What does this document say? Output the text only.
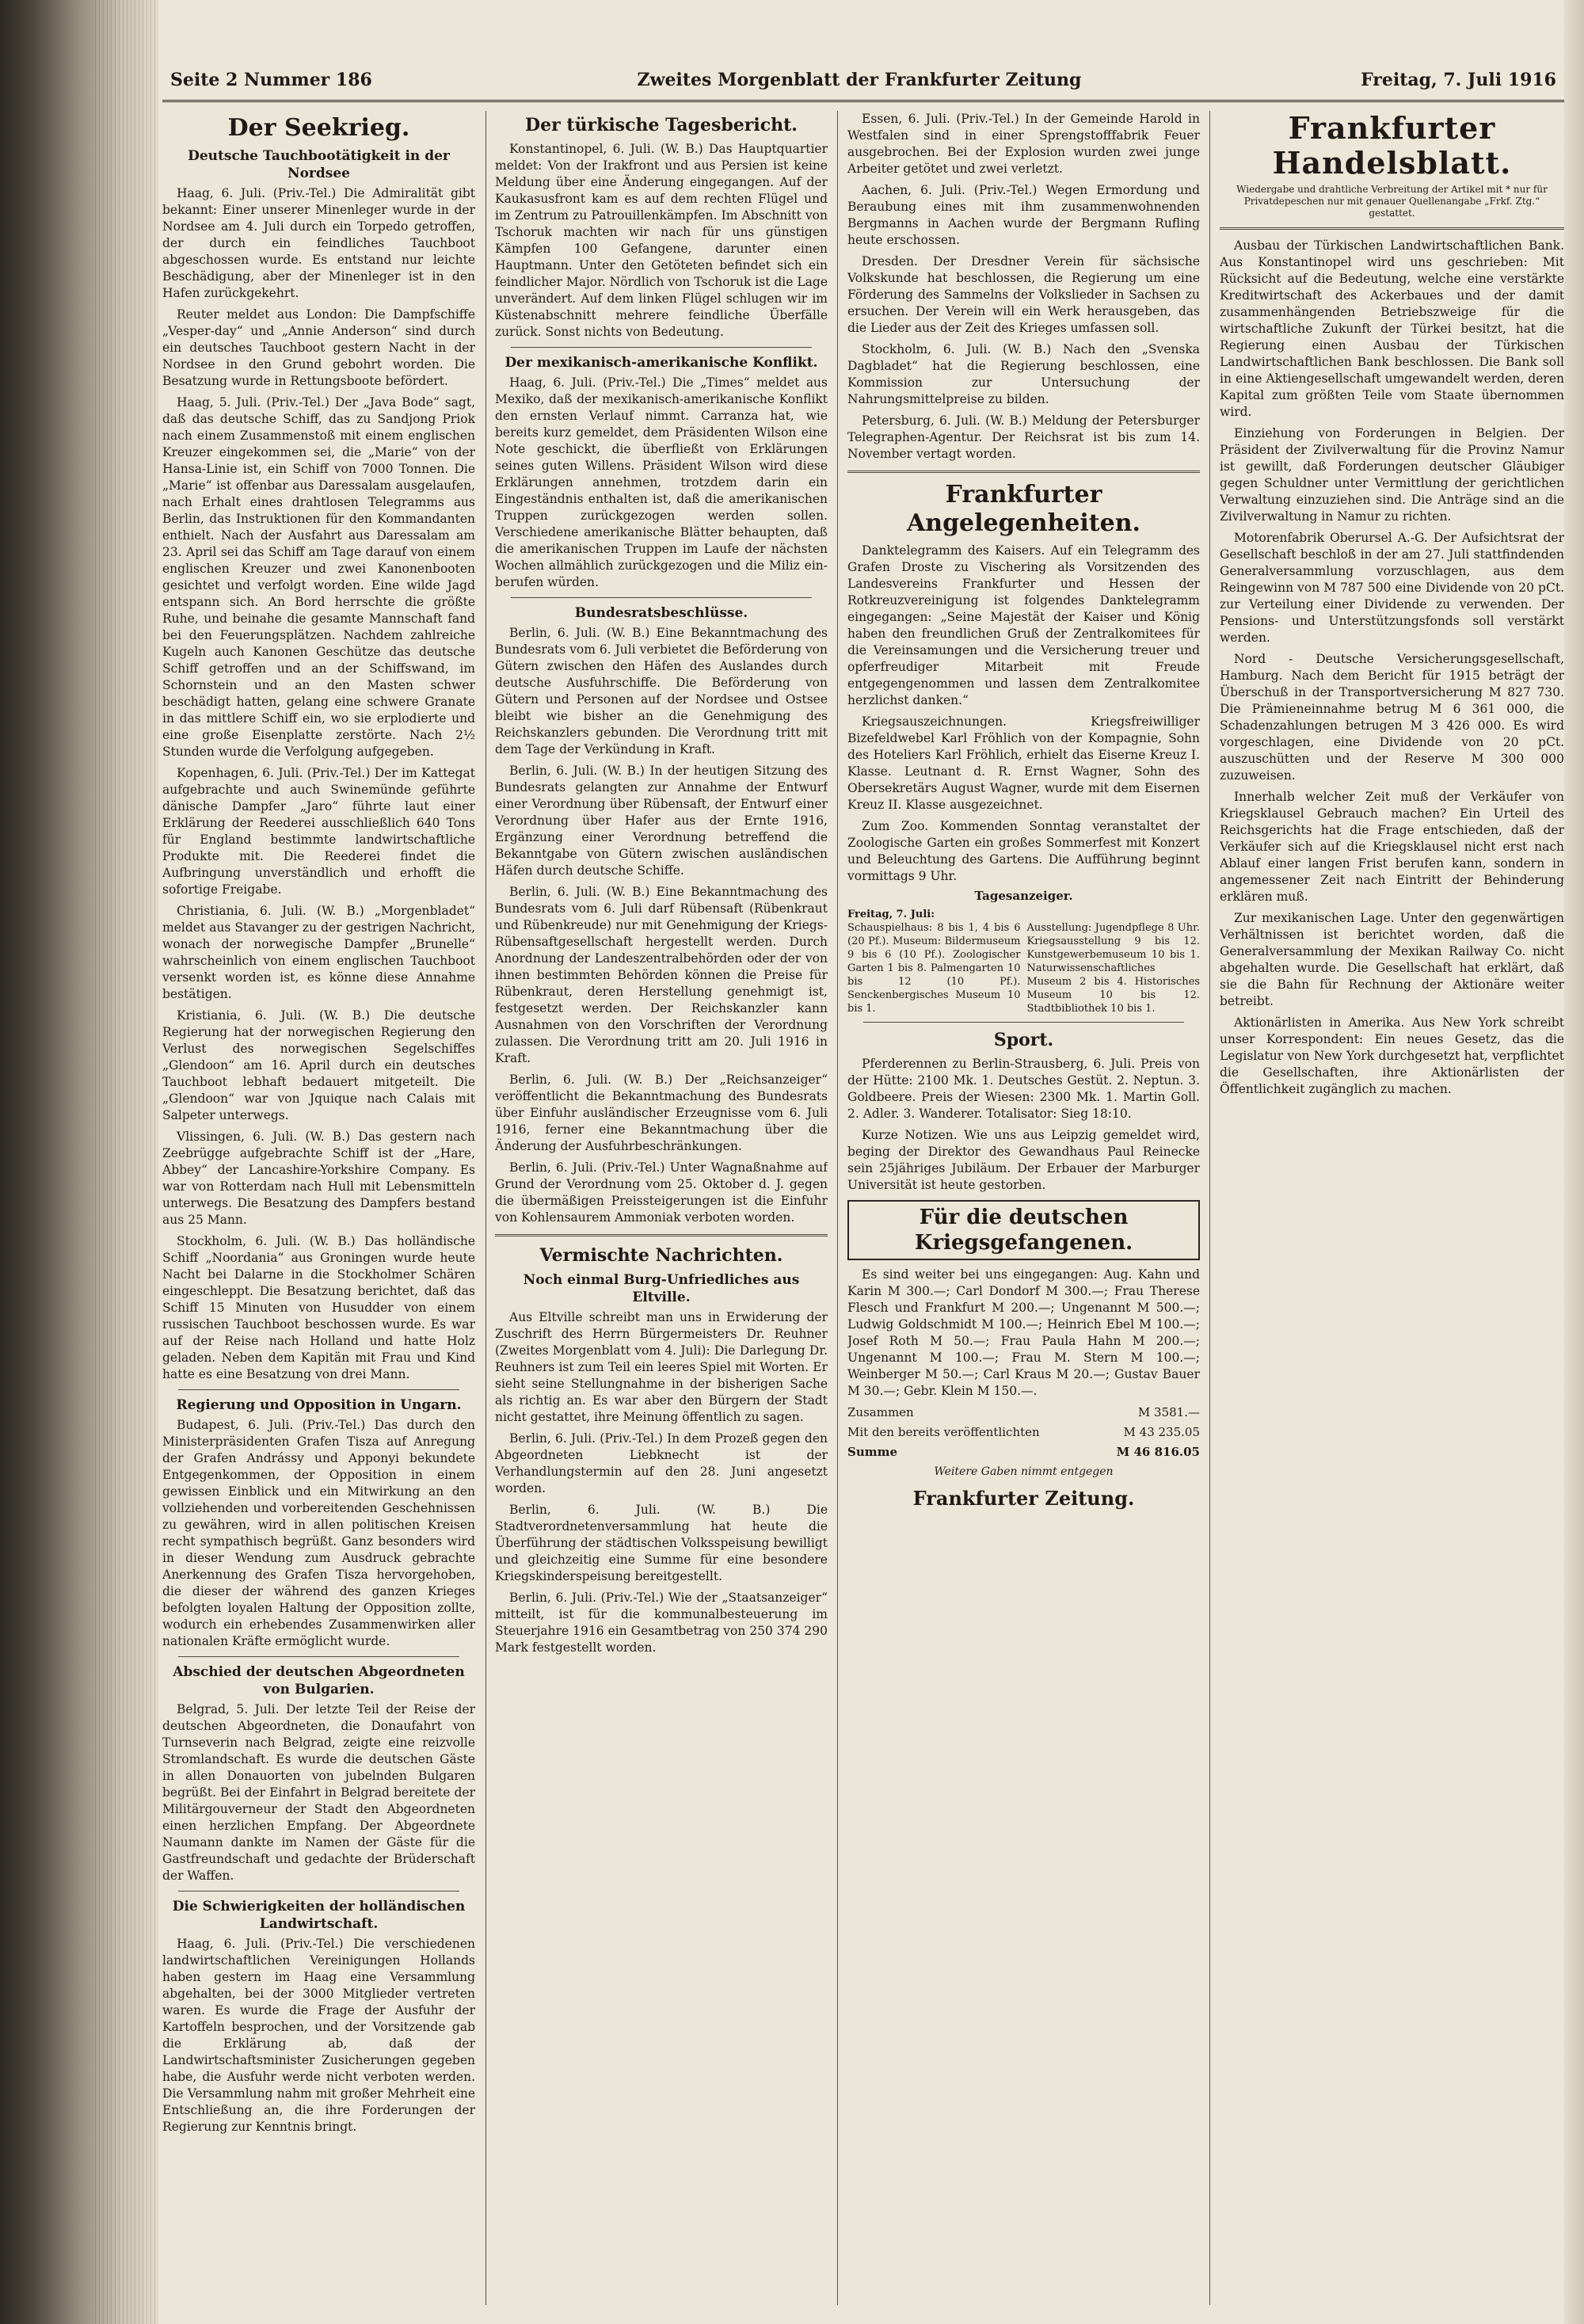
Seite 2 Nummer 186	Zweites Morgenblatt der Frankfurter Zeitung	Freitag, 7. Juli 1916
Der Seekrieg.
Deutsche Tauchbootätigkeit in der Nordsee

Haag, 6. Juli. (Priv.-Tel.) Die Admiralität gibt bekannt: Einer unserer Minenleger wurde in der Nordsee am 4. Juli durch ein Torpedo getroffen, der durch ein feindliches Tauchboot abgeschossen wurde. Es entstand nur leichte Beschädigung, aber der Minenleger ist in den Hafen zurückgekehrt.

Reuter meldet aus London: Die Dampfschiffe „Vesper-day“ und „Annie Anderson“ sind durch ein deutsches Tauchboot gestern Nacht in der Nordsee in den Grund gebohrt worden. Die Besatzung wurde in Rettungsboote befördert.

Haag, 5. Juli. (Priv.-Tel.) Der „Java Bode“ sagt, daß das deutsche Schiff, das zu Sandjong Priok nach einem Zusammenstoß mit einem englischen Kreuzer eingekommen sei, die „Marie“ von der Hansa-Linie ist, ein Schiff von 7000 Tonnen. Die „Marie“ ist offenbar aus Daressalam ausgelaufen, nach Erhalt eines drahtlosen Telegramms aus Berlin, das Instruktionen für den Kommandanten enthielt. Nach der Ausfahrt aus Daressalam am 23. April sei das Schiff am Tage darauf von einem englischen Kreuzer und zwei Kanonenbooten gesichtet und verfolgt worden. Eine wilde Jagd entspann sich. An Bord herrschte die größte Ruhe, und beinahe die gesamte Mannschaft fand bei den Feuerungsplätzen. Nachdem zahlreiche Kugeln auch Kanonen Geschütze das deutsche Schiff getroffen und an der Schiffswand, im Schornstein und an den Masten schwer beschädigt hatten, gelang eine schwere Granate in das mittlere Schiff ein, wo sie erplodierte und eine große Eisenplatte zerstörte. Nach 2½ Stunden wurde die Verfolgung aufgegeben.

Kopenhagen, 6. Juli. (Priv.-Tel.) Der im Kattegat aufgebrachte und auch Swinemünde geführte dänische Dampfer „Jaro“ führte laut einer Erklärung der Reederei ausschließlich 640 Tons für England bestimmte landwirtschaftliche Produkte mit. Die Reederei findet die Aufbringung unverständlich und erhofft die sofortige Freigabe.

Christiania, 6. Juli. (W. B.) „Morgenbladet“ meldet aus Stavanger zu der gestrigen Nachricht, wonach der norwegische Dampfer „Brunelle“ wahrscheinlich von einem englischen Tauchboot versenkt worden ist, es könne diese Annahme bestätigen.

Kristiania, 6. Juli. (W. B.) Die deutsche Regierung hat der norwegischen Regierung den Verlust des norwegischen Segelschiffes „Glendoon“ am 16. April durch ein deutsches Tauchboot lebhaft bedauert mitgeteilt. Die „Glendoon“ war von Jquique nach Calais mit Salpeter unterwegs.

Vlissingen, 6. Juli. (W. B.) Das gestern nach Zeebrügge aufgebrachte Schiff ist der „Hare, Abbey“ der Lancashire-Yorkshire Company. Es war von Rotterdam nach Hull mit Lebensmitteln unterwegs. Die Besatzung des Dampfers bestand aus 25 Mann.

Stockholm, 6. Juli. (W. B.) Das holländische Schiff „Noordania“ aus Groningen wurde heute Nacht bei Dalarne in die Stockholmer Schären eingeschleppt. Die Besatzung berichtet, daß das Schiff 15 Minuten von Husudder von einem russischen Tauchboot beschossen wurde. Es war auf der Reise nach Holland und hatte Holz geladen. Neben dem Kapitän mit Frau und Kind hatte es eine Besatzung von drei Mann.

Regierung und Opposition in Ungarn.

Budapest, 6. Juli. (Priv.-Tel.) Das durch den Ministerpräsidenten Grafen Tisza auf Anregung der Grafen Andrássy und Apponyi bekundete Entgegenkommen, der Opposition in einem gewissen Einblick und ein Mitwirkung an den vollziehenden und vorbereitenden Geschehnissen zu gewähren, wird in allen politischen Kreisen recht sympathisch begrüßt. Ganz besonders wird in dieser Wendung zum Ausdruck gebrachte Anerkennung des Grafen Tisza hervorgehoben, die dieser der während des ganzen Krieges befolgten loyalen Haltung der Opposition zollte, wodurch ein erhebendes Zusammenwirken aller nationalen Kräfte ermöglicht wurde.

Abschied der deutschen Abgeordneten von Bulgarien.

Belgrad, 5. Juli. Der letzte Teil der Reise der deutschen Abgeordneten, die Donaufahrt von Turnseverin nach Belgrad, zeigte eine reizvolle Stromlandschaft. Es wurde die deutschen Gäste in allen Donauorten von jubelnden Bulgaren begrüßt. Bei der Einfahrt in Belgrad bereitete der Militärgouverneur der Stadt den Abgeordneten einen herzlichen Empfang. Der Abgeordnete Naumann dankte im Namen der Gäste für die Gastfreundschaft und gedachte der Brüderschaft der Waffen.

Die Schwierigkeiten der holländischen Landwirtschaft.

Haag, 6. Juli. (Priv.-Tel.) Die verschiedenen landwirtschaftlichen Vereinigungen Hollands haben gestern im Haag eine Versammlung abgehalten, bei der 3000 Mitglieder vertreten waren. Es wurde die Frage der Ausfuhr der Kartoffeln besprochen, und der Vorsitzende gab die Erklärung ab, daß der Landwirtschaftsminister Zusicherungen gegeben habe, die Ausfuhr werde nicht verboten werden. Die Versammlung nahm mit großer Mehrheit eine Entschließung an, die ihre Forderungen der Regierung zur Kenntnis bringt.

Der türkische Tagesbericht.

Konstantinopel, 6. Juli. (W. B.) Das Hauptquartier meldet: Von der Irakfront und aus Persien ist keine Meldung über eine Änderung eingegangen. Auf der Kaukasusfront kam es auf dem rechten Flügel und im Zentrum zu Patrouillenkämpfen. Im Abschnitt von Tschoruk machten wir nach für uns günstigen Kämpfen 100 Gefangene, darunter einen Hauptmann. Unter den Getöteten befindet sich ein feindlicher Major. Nördlich von Tschoruk ist die Lage unverändert. Auf dem linken Flügel schlugen wir im Küstenabschnitt mehrere feindliche Überfälle zurück. Sonst nichts von Bedeutung.

Der mexikanisch-amerikanische Konflikt.

Haag, 6. Juli. (Priv.-Tel.) Die „Times“ meldet aus Mexiko, daß der mexikanisch-amerikanische Konflikt den ernsten Verlauf nimmt. Carranza hat, wie bereits kurz gemeldet, dem Präsidenten Wilson eine Note geschickt, die überfließt von Erklärungen seines guten Willens. Präsident Wilson wird diese Erklärungen annehmen, trotzdem darin ein Eingeständnis enthalten ist, daß die amerikanischen Truppen zurückgezogen werden sollen. Verschiedene amerikanische Blätter behaupten, daß die amerikanischen Truppen im Laufe der nächsten Wochen allmählich zurückgezogen und die Miliz ein- berufen würden.

Bundesratsbeschlüsse.

Berlin, 6. Juli. (W. B.) Eine Bekanntmachung des Bundesrats vom 6. Juli verbietet die Beförderung von Gütern zwischen den Häfen des Auslandes durch deutsche Ausfuhrschiffe. Die Beförderung von Gütern und Personen auf der Nordsee und Ostsee bleibt wie bisher an die Genehmigung des Reichskanzlers gebunden. Die Verordnung tritt mit dem Tage der Verkündung in Kraft.

Berlin, 6. Juli. (W. B.) In der heutigen Sitzung des Bundesrats gelangten zur Annahme der Entwurf einer Verordnung über Rübensaft, der Entwurf einer Verordnung über Hafer aus der Ernte 1916, Ergänzung einer Verordnung betreffend die Bekanntgabe von Gütern zwischen ausländischen Häfen durch deutsche Schiffe.

Berlin, 6. Juli. (W. B.) Eine Bekanntmachung des Bundesrats vom 6. Juli darf Rübensaft (Rübenkraut und Rübenkreude) nur mit Genehmigung der Kriegs-Rübensaftgesellschaft hergestellt werden. Durch Anordnung der Landeszentralbehörden oder der von ihnen bestimmten Behörden können die Preise für Rübenkraut, deren Herstellung genehmigt ist, festgesetzt werden. Der Reichskanzler kann Ausnahmen von den Vorschriften der Verordnung zulassen. Die Verordnung tritt am 20. Juli 1916 in Kraft.

Berlin, 6. Juli. (W. B.) Der „Reichsanzeiger“ veröffentlicht die Bekanntmachung des Bundesrats über Einfuhr ausländischer Erzeugnisse vom 6. Juli 1916, ferner eine Bekanntmachung über die Änderung der Ausfuhrbeschränkungen.

Berlin, 6. Juli. (Priv.-Tel.) Unter Wagnaßnahme auf Grund der Verordnung vom 25. Oktober d. J. gegen die übermäßigen Preissteigerungen ist die Einfuhr von Kohlensaurem Ammoniak verboten worden.

Vermischte Nachrichten.
Noch einmal Burg-Unfriedliches aus Eltville.

Aus Eltville schreibt man uns in Erwiderung der Zuschrift des Herrn Bürgermeisters Dr. Reuhner (Zweites Morgenblatt vom 4. Juli): Die Darlegung Dr. Reuhners ist zum Teil ein leeres Spiel mit Worten. Er sieht seine Stellungnahme in der bisherigen Sache als richtig an. Es war aber den Bürgern der Stadt nicht gestattet, ihre Meinung öffentlich zu sagen.

Berlin, 6. Juli. (Priv.-Tel.) In dem Prozeß gegen den Abgeordneten Liebknecht ist der Verhandlungstermin auf den 28. Juni angesetzt worden.

Berlin, 6. Juli. (W. B.) Die Stadtverordnetenversammlung hat heute die Überführung der städtischen Volksspeisung bewilligt und gleichzeitig eine Summe für eine besondere Kriegskinderspeisung bereitgestellt.

Berlin, 6. Juli. (Priv.-Tel.) Wie der „Staatsanzeiger“ mitteilt, ist für die kommunalbesteuerung im Steuerjahre 1916 ein Gesamtbetrag von 250 374 290 Mark festgestellt worden.

Essen, 6. Juli. (Priv.-Tel.) In der Gemeinde Harold in Westfalen sind in einer Sprengstofffabrik Feuer ausgebrochen. Bei der Explosion wurden zwei junge Arbeiter getötet und zwei verletzt.

Aachen, 6. Juli. (Priv.-Tel.) Wegen Ermordung und Beraubung eines mit ihm zusammenwohnenden Bergmanns in Aachen wurde der Bergmann Rufling heute erschossen.

Dresden. Der Dresdner Verein für sächsische Volkskunde hat beschlossen, die Regierung um eine Förderung des Sammelns der Volkslieder in Sachsen zu ersuchen. Der Verein will ein Werk herausgeben, das die Lieder aus der Zeit des Krieges umfassen soll.

Stockholm, 6. Juli. (W. B.) Nach den „Svenska Dagbladet“ hat die Regierung beschlossen, eine Kommission zur Untersuchung der Nahrungsmittelpreise zu bilden.

Petersburg, 6. Juli. (W. B.) Meldung der Petersburger Telegraphen-Agentur. Der Reichsrat ist bis zum 14. November vertagt worden.

Frankfurter Angelegenheiten.

Danktelegramm des Kaisers. Auf ein Telegramm des Grafen Droste zu Vischering als Vorsitzenden des Landesvereins Frankfurter und Hessen der Rotkreuzvereinigung ist folgendes Danktelegramm eingegangen: „Seine Majestät der Kaiser und König haben den freundlichen Gruß der Zentralkomitees für die Vereinsamungen und die Versicherung treuer und opferfreudiger Mitarbeit mit Freude entgegengenommen und lassen dem Zentralkomitee herzlichst danken.“

Kriegsauszeichnungen. Kriegsfreiwilliger Bizefeldwebel Karl Fröhlich von der Kompagnie, Sohn des Hoteliers Karl Fröhlich, erhielt das Eiserne Kreuz I. Klasse. Leutnant d. R. Ernst Wagner, Sohn des Obersekretärs August Wagner, wurde mit dem Eisernen Kreuz II. Klasse ausgezeichnet.

Zum Zoo. Kommenden Sonntag veranstaltet der Zoologische Garten ein großes Sommerfest mit Konzert und Beleuchtung des Gartens. Die Aufführung beginnt vormittags 9 Uhr.

Tagesanzeiger.
Freitag, 7. Juli:
Schauspielhaus: 8 bis 1, 4 bis 6 (20 Pf.). Museum: Bildermuseum 9 bis 6 (10 Pf.). Zoologischer Garten 1 bis 8. Palmengarten 10 bis 12 (10 Pf.). Senckenbergisches Museum 10 bis 1.
Ausstellung: Jugendpflege 8 Uhr. Kriegsausstellung 9 bis 12. Kunstgewerbemuseum 10 bis 1. Naturwissenschaftliches Museum 2 bis 4. Historisches Museum 10 bis 12. Stadtbibliothek 10 bis 1.
Sport.

Pferderennen zu Berlin-Strausberg, 6. Juli. Preis von der Hütte: 2100 Mk. 1. Deutsches Gestüt. 2. Neptun. 3. Goldbeere. Preis der Wiesen: 2300 Mk. 1. Martin Goll. 2. Adler. 3. Wanderer. Totalisator: Sieg 18:10.

Kurze Notizen. Wie uns aus Leipzig gemeldet wird, beging der Direktor des Gewandhaus Paul Reinecke sein 25jähriges Jubiläum. Der Erbauer der Marburger Universität ist heute gestorben.

Für die deutschen Kriegsgefangenen.

Es sind weiter bei uns eingegangen: Aug. Kahn und Karin M 300.—; Carl Dondorf M 300.—; Frau Therese Flesch und Frankfurt M 200.—; Ungenannt M 500.—; Ludwig Goldschmidt M 100.—; Heinrich Ebel M 100.—; Josef Roth M 50.—; Frau Paula Hahn M 200.—; Ungenannt M 100.—; Frau M. Stern M 100.—; Weinberger M 50.—; Carl Kraus M 20.—; Gustav Bauer M 30.—; Gebr. Klein M 150.—.

Zusammen	M 3581.—
Mit den bereits veröffentlichten	M 43 235.05
Summe	M 46 816.05
Weitere Gaben nimmt entgegen
Frankfurter Zeitung.
Frankfurter Handelsblatt.
Wiedergabe und drahtliche Verbreitung der Artikel mit * nur für Privatdepeschen nur mit genauer Quellenangabe „Frkf. Ztg.“ gestattet.

Ausbau der Türkischen Landwirtschaftlichen Bank. Aus Konstantinopel wird uns geschrieben: Mit Rücksicht auf die Bedeutung, welche eine verstärkte Kreditwirtschaft des Ackerbaues und der damit zusammenhängenden Betriebszweige für die wirtschaftliche Zukunft der Türkei besitzt, hat die Regierung einen Ausbau der Türkischen Landwirtschaftlichen Bank beschlossen. Die Bank soll in eine Aktiengesellschaft umgewandelt werden, deren Kapital zum größten Teile vom Staate übernommen wird.

Einziehung von Forderungen in Belgien. Der Präsident der Zivilverwaltung für die Provinz Namur ist gewillt, daß Forderungen deutscher Gläubiger gegen Schuldner unter Vermittlung der gerichtlichen Verwaltung einzuziehen sind. Die Anträge sind an die Zivilverwaltung in Namur zu richten.

Motorenfabrik Oberursel A.-G. Der Aufsichtsrat der Gesellschaft beschloß in der am 27. Juli stattfindenden Generalversammlung vorzuschlagen, aus dem Reingewinn von M 787 500 eine Dividende von 20 pCt. zur Verteilung einer Dividende zu verwenden. Der Pensions- und Unterstützungsfonds soll verstärkt werden.

Nord - Deutsche Versicherungsgesellschaft, Hamburg. Nach dem Bericht für 1915 beträgt der Überschuß in der Transportversicherung M 827 730. Die Prämieneinnahme betrug M 6 361 000, die Schadenzahlungen betrugen M 3 426 000. Es wird vorgeschlagen, eine Dividende von 20 pCt. auszuschütten und der Reserve M 300 000 zuzuweisen.

Innerhalb welcher Zeit muß der Verkäufer von Kriegsklausel Gebrauch machen? Ein Urteil des Reichsgerichts hat die Frage entschieden, daß der Verkäufer sich auf die Kriegsklausel nicht erst nach Ablauf einer langen Frist berufen kann, sondern in angemessener Zeit nach Eintritt der Behinderung erklären muß.

Zur mexikanischen Lage. Unter den gegenwärtigen Verhältnissen ist berichtet worden, daß die Generalversammlung der Mexikan Railway Co. nicht abgehalten wurde. Die Gesellschaft hat erklärt, daß sie die Bahn für Rechnung der Aktionäre weiter betreibt.

Aktionärlisten in Amerika. Aus New York schreibt unser Korrespondent: Ein neues Gesetz, das die Legislatur von New York durchgesetzt hat, verpflichtet die Gesellschaften, ihre Aktionärlisten der Öffentlichkeit zugänglich zu machen.
